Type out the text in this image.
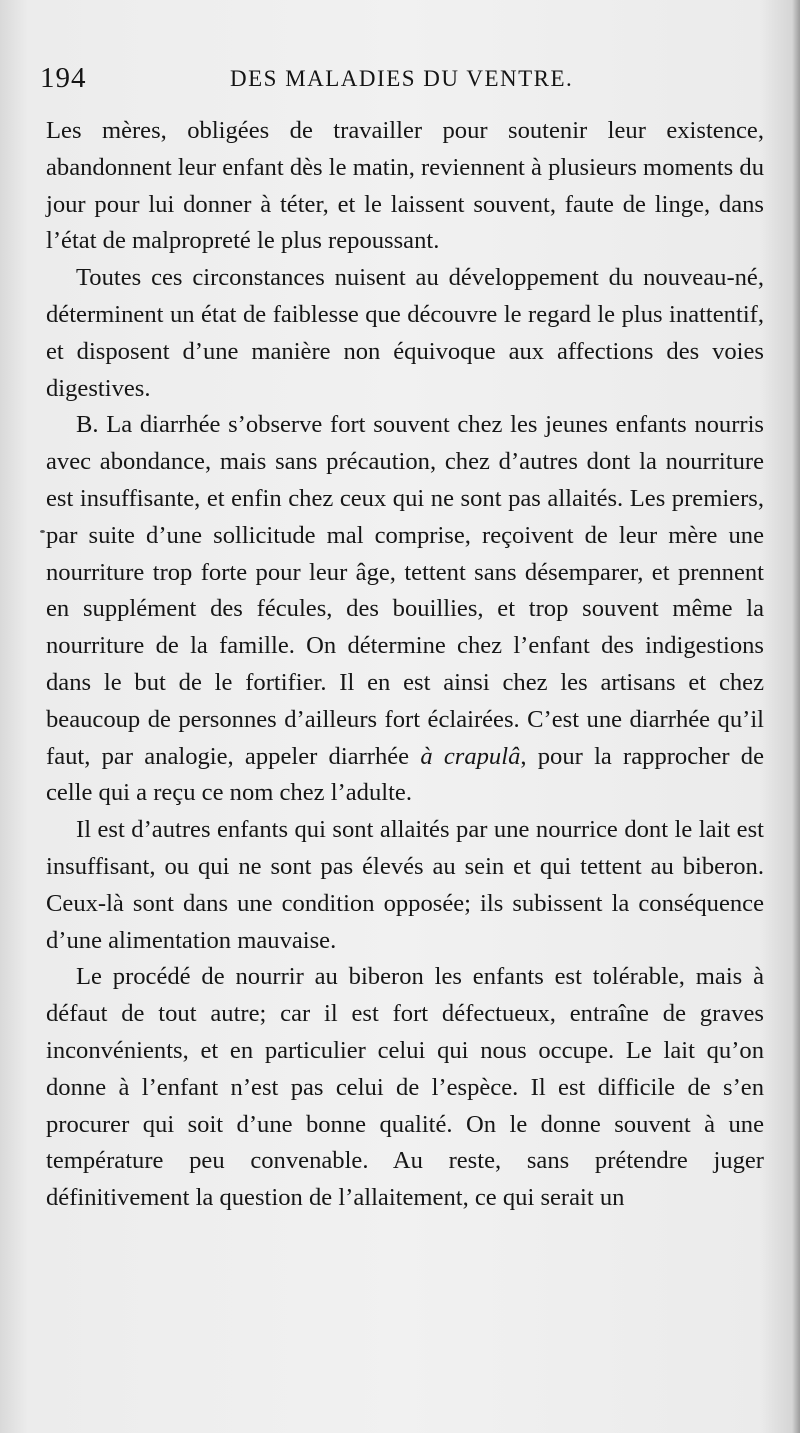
194	DES MALADIES DU VENTRE.

Les mères, obligées de travailler pour soutenir leur existence, abandonnent leur enfant dès le matin, reviennent à plusieurs moments du jour pour lui donner à téter, et le laissent souvent, faute de linge, dans l’état de malpropreté le plus repoussant.

Toutes ces circonstances nuisent au développement du nouveau-né, déterminent un état de faiblesse que découvre le regard le plus inattentif, et disposent d’une manière non équivoque aux affections des voies digestives.

B. La diarrhée s’observe fort souvent chez les jeunes enfants nourris avec abondance, mais sans précaution, chez d’autres dont la nourriture est insuffisante, et enfin chez ceux qui ne sont pas allaités. Les premiers, par suite d’une sollicitude mal comprise, reçoivent de leur mère une nourriture trop forte pour leur âge, tettent sans désemparer, et prennent en supplément des fécules, des bouillies, et trop souvent même la nourriture de la famille. On détermine chez l’enfant des indigestions dans le but de le fortifier. Il en est ainsi chez les artisans et chez beaucoup de personnes d’ailleurs fort éclairées. C’est une diarrhée qu’il faut, par analogie, appeler diarrhée à crapulâ, pour la rapprocher de celle qui a reçu ce nom chez l’adulte.

Il est d’autres enfants qui sont allaités par une nourrice dont le lait est insuffisant, ou qui ne sont pas élevés au sein et qui tettent au biberon. Ceux-là sont dans une condition opposée; ils subissent la conséquence d’une alimentation mauvaise.

Le procédé de nourrir au biberon les enfants est tolérable, mais à défaut de tout autre; car il est fort défectueux, entraîne de graves inconvénients, et en particulier celui qui nous occupe. Le lait qu’on donne à l’enfant n’est pas celui de l’espèce. Il est difficile de s’en procurer qui soit d’une bonne qualité. On le donne souvent à une température peu convenable. Au reste, sans prétendre juger définitivement la question de l’allaitement, ce qui serait un
